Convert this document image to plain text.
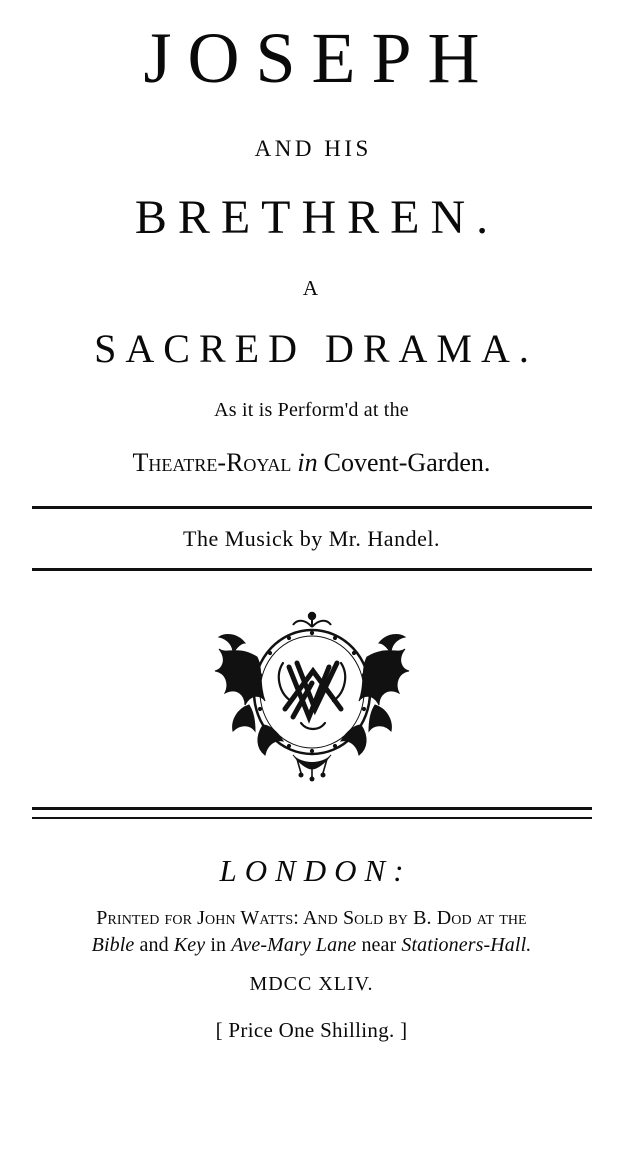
JOSEPH
AND HIS
BRETHREN.
A
SACRED DRAMA.
As it is Perform'd at the
Theatre-Royal in Covent-Garden.
The Musick by Mr. Handel.
LONDON:
Printed for John Watts: And Sold by B. Dod at the
Bible and Key in Ave-Mary Lane near Stationers-Hall.
MDCC XLIV.
[ Price One Shilling. ]
